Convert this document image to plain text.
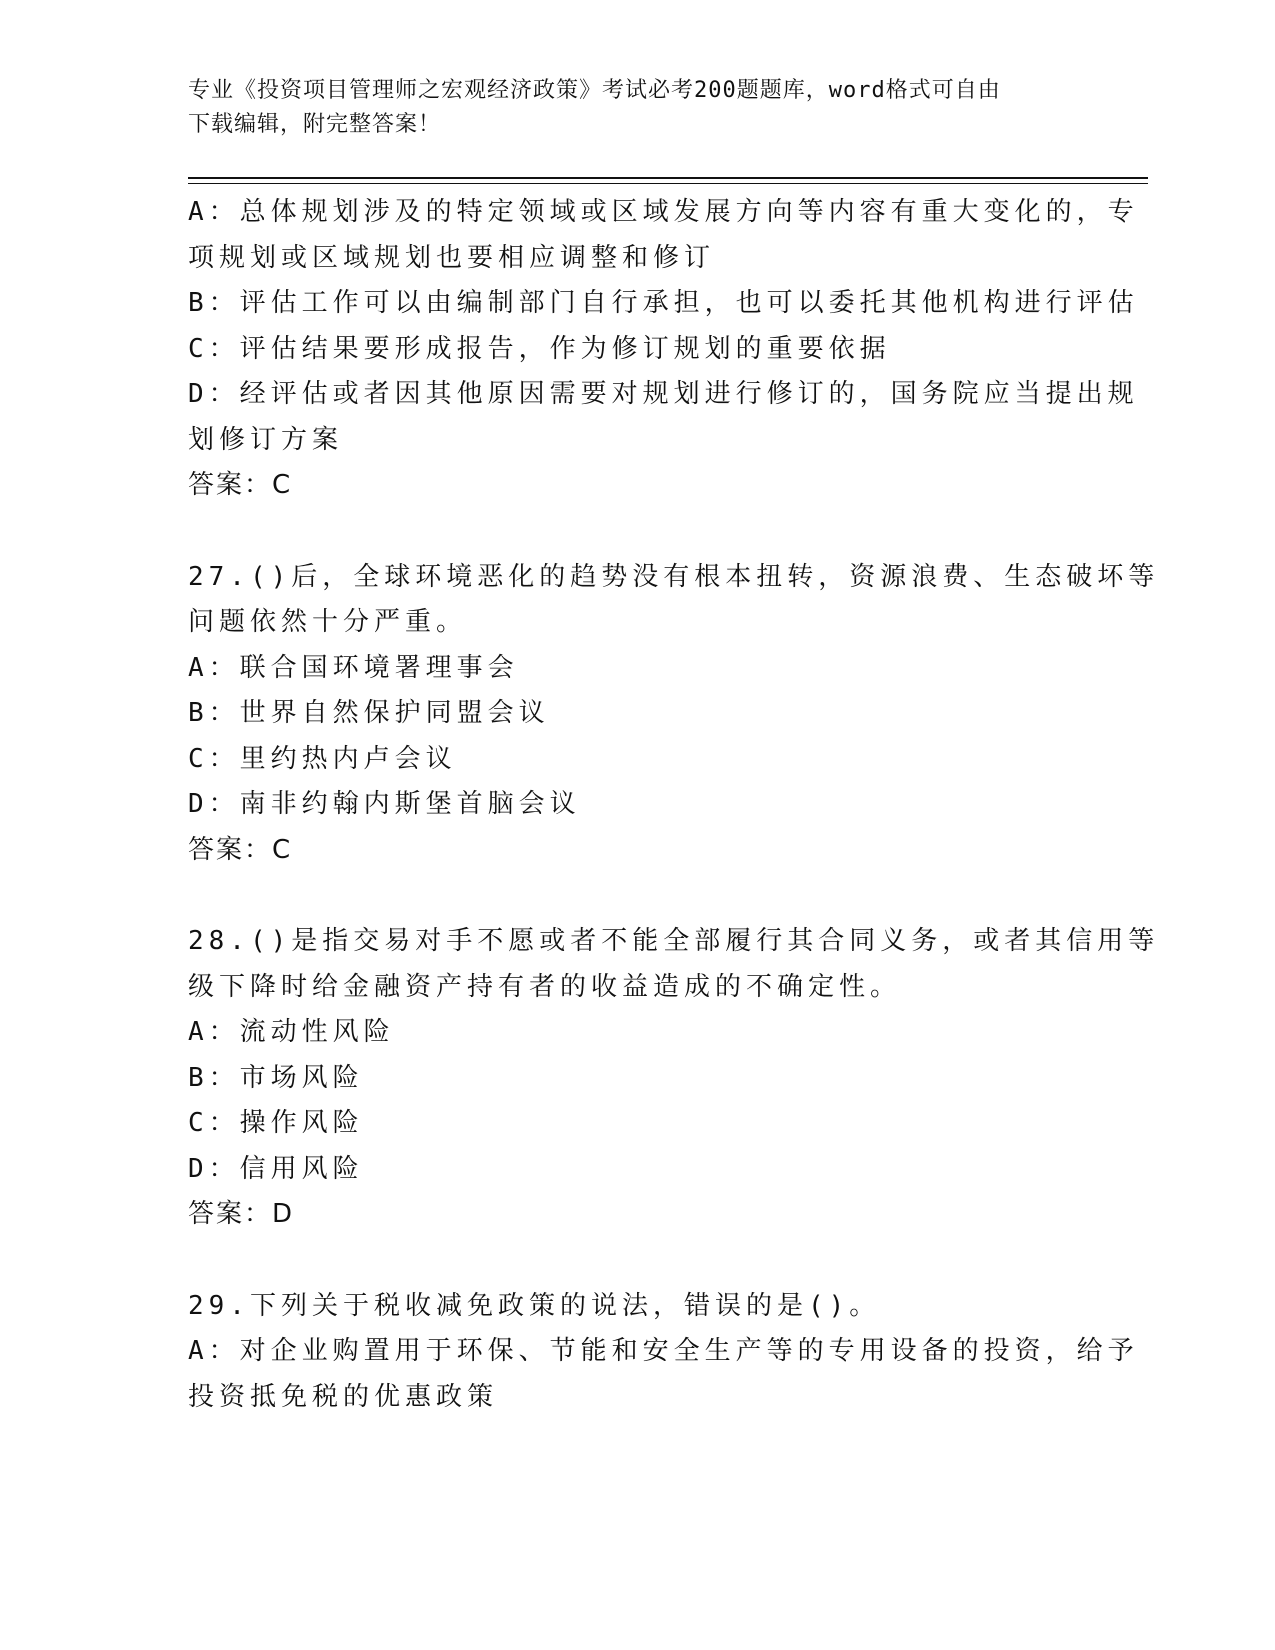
专业《投资项目管理师之宏观经济政策》考试必考200题题库，word格式可自由
下载编辑，附完整答案！
A：总体规划涉及的特定领域或区域发展方向等内容有重大变化的，专
项规划或区域规划也要相应调整和修订
B：评估工作可以由编制部门自行承担，也可以委托其他机构进行评估
C：评估结果要形成报告，作为修订规划的重要依据
D：经评估或者因其他原因需要对规划进行修订的，国务院应当提出规
划修订方案
答案：C
27.()后，全球环境恶化的趋势没有根本扭转，资源浪费、生态破坏等
问题依然十分严重。
A：联合国环境署理事会
B：世界自然保护同盟会议
C：里约热内卢会议
D：南非约翰内斯堡首脑会议
答案：C
28.()是指交易对手不愿或者不能全部履行其合同义务，或者其信用等
级下降时给金融资产持有者的收益造成的不确定性。
A：流动性风险
B：市场风险
C：操作风险
D：信用风险
答案：D
29.下列关于税收减免政策的说法，错误的是()。
A：对企业购置用于环保、节能和安全生产等的专用设备的投资，给予
投资抵免税的优惠政策
